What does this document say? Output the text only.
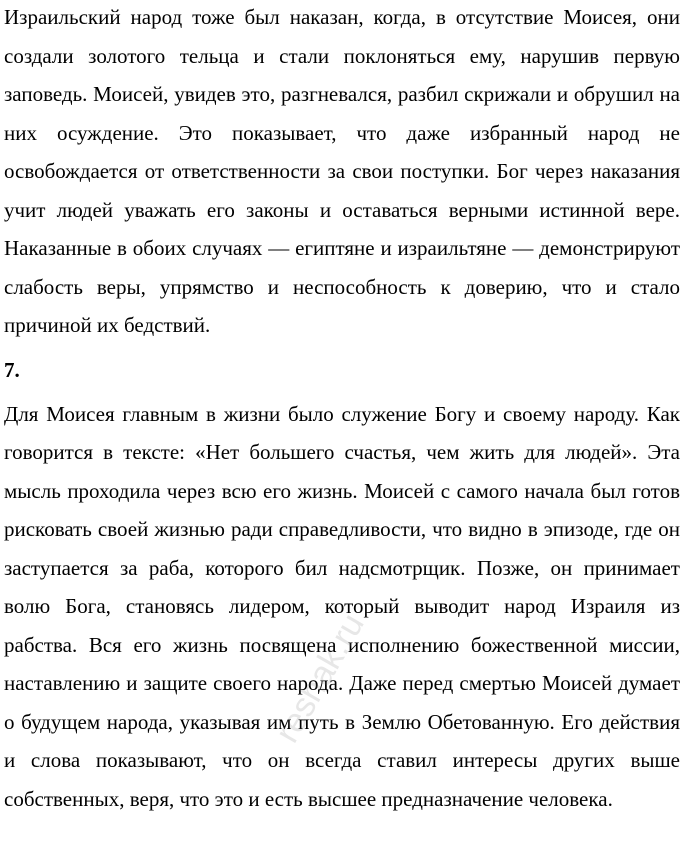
Израильский народ тоже был наказан, когда, в отсутствие Моисея, они создали золотого тельца и стали поклоняться ему, нарушив первую заповедь. Моисей, увидев это, разгневался, разбил скрижали и обрушил на них осуждение. Это показывает, что даже избранный народ не освобождается от ответственности за свои поступки. Бог через наказания учит людей уважать его законы и оставаться верными истинной вере. Наказанные в обоих случаях — египтяне и израильтяне — демонстрируют слабость веры, упрямство и неспособность к доверию, что и стало причиной их бедствий.

7.

Для Моисея главным в жизни было служение Богу и своему народу. Как говорится в тексте: «Нет большего счастья, чем жить для людей». Эта мысль проходила через всю его жизнь. Моисей с самого начала был готов рисковать своей жизнью ради справедливости, что видно в эпизоде, где он заступается за раба, которого бил надсмотрщик. Позже, он принимает волю Бога, становясь лидером, который выводит народ Израиля из рабства. Вся его жизнь посвящена исполнению божественной миссии, наставлению и защите своего народа. Даже перед смертью Моисей думает о будущем народа, указывая им путь в Землю Обетованную. Его действия и слова показывают, что он всегда ставил интересы других выше собственных, веря, что это и есть высшее предназначение человека.

reshak.ru
